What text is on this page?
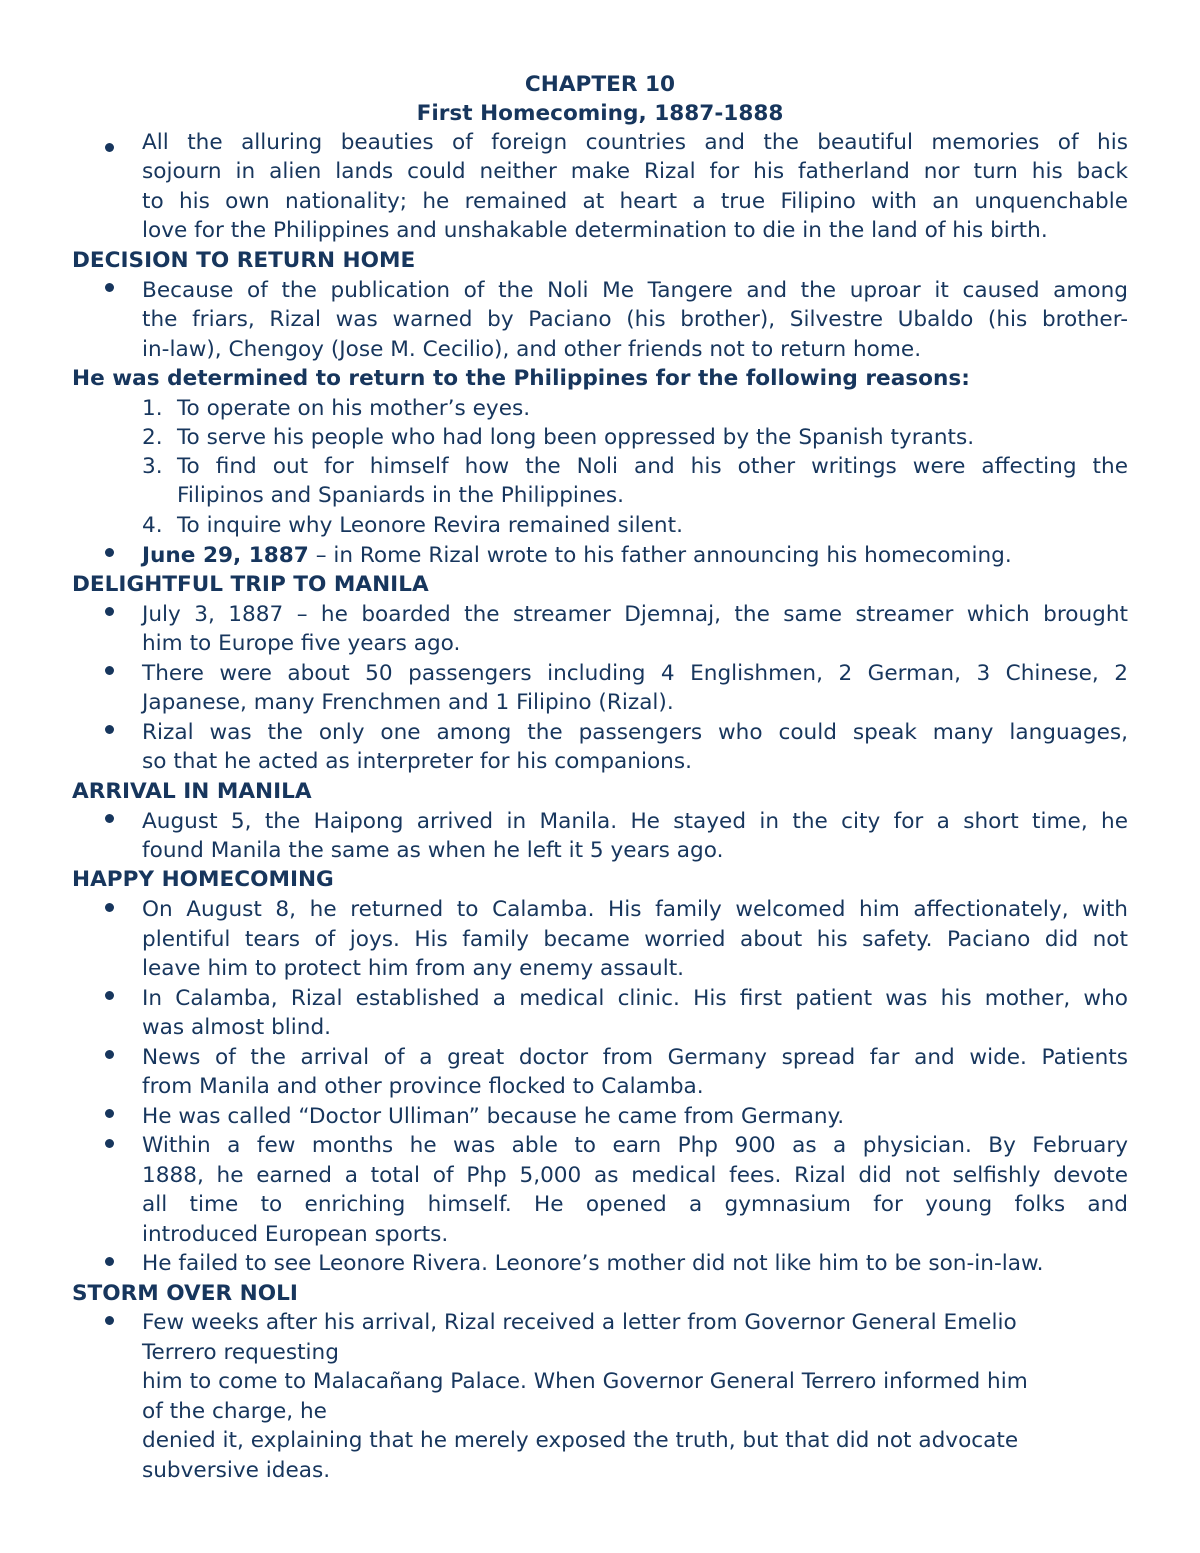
CHAPTER 10
First Homecoming, 1887-1888
All the alluring beauties of foreign countries and the beautiful memories of his
sojourn in alien lands could neither make Rizal for his fatherland nor turn his back
to his own nationality; he remained at heart a true Filipino with an unquenchable
love for the Philippines and unshakable determination to die in the land of his birth.
DECISION TO RETURN HOME
Because of the publication of the Noli Me Tangere and the uproar it caused among
the friars, Rizal was warned by Paciano (his brother), Silvestre Ubaldo (his brother-
in-law), Chengoy (Jose M. Cecilio), and other friends not to return home.
He was determined to return to the Philippines for the following reasons:
1. To operate on his mother’s eyes.
2. To serve his people who had long been oppressed by the Spanish tyrants.
3. To find out for himself how the Noli and his other writings were affecting the
Filipinos and Spaniards in the Philippines.
4. To inquire why Leonore Revira remained silent.
June 29, 1887 – in Rome Rizal wrote to his father announcing his homecoming.
DELIGHTFUL TRIP TO MANILA
July 3, 1887 – he boarded the streamer Djemnaj, the same streamer which brought
him to Europe five years ago.
There were about 50 passengers including 4 Englishmen, 2 German, 3 Chinese, 2
Japanese, many Frenchmen and 1 Filipino (Rizal).
Rizal was the only one among the passengers who could speak many languages,
so that he acted as interpreter for his companions.
ARRIVAL IN MANILA
August 5, the Haipong arrived in Manila. He stayed in the city for a short time, he
found Manila the same as when he left it 5 years ago.
HAPPY HOMECOMING
On August 8, he returned to Calamba. His family welcomed him affectionately, with
plentiful tears of joys. His family became worried about his safety. Paciano did not
leave him to protect him from any enemy assault.
In Calamba, Rizal established a medical clinic. His first patient was his mother, who
was almost blind.
News of the arrival of a great doctor from Germany spread far and wide. Patients
from Manila and other province flocked to Calamba.
He was called “Doctor Ulliman” because he came from Germany.
Within a few months he was able to earn Php 900 as a physician. By February
1888, he earned a total of Php 5,000 as medical fees. Rizal did not selfishly devote
all time to enriching himself. He opened a gymnasium for young folks and
introduced European sports.
He failed to see Leonore Rivera. Leonore’s mother did not like him to be son-in-law.
STORM OVER NOLI
Few weeks after his arrival, Rizal received a letter from Governor General Emelio
Terrero requesting
him to come to Malacañang Palace. When Governor General Terrero informed him
of the charge, he
denied it, explaining that he merely exposed the truth, but that did not advocate
subversive ideas.
